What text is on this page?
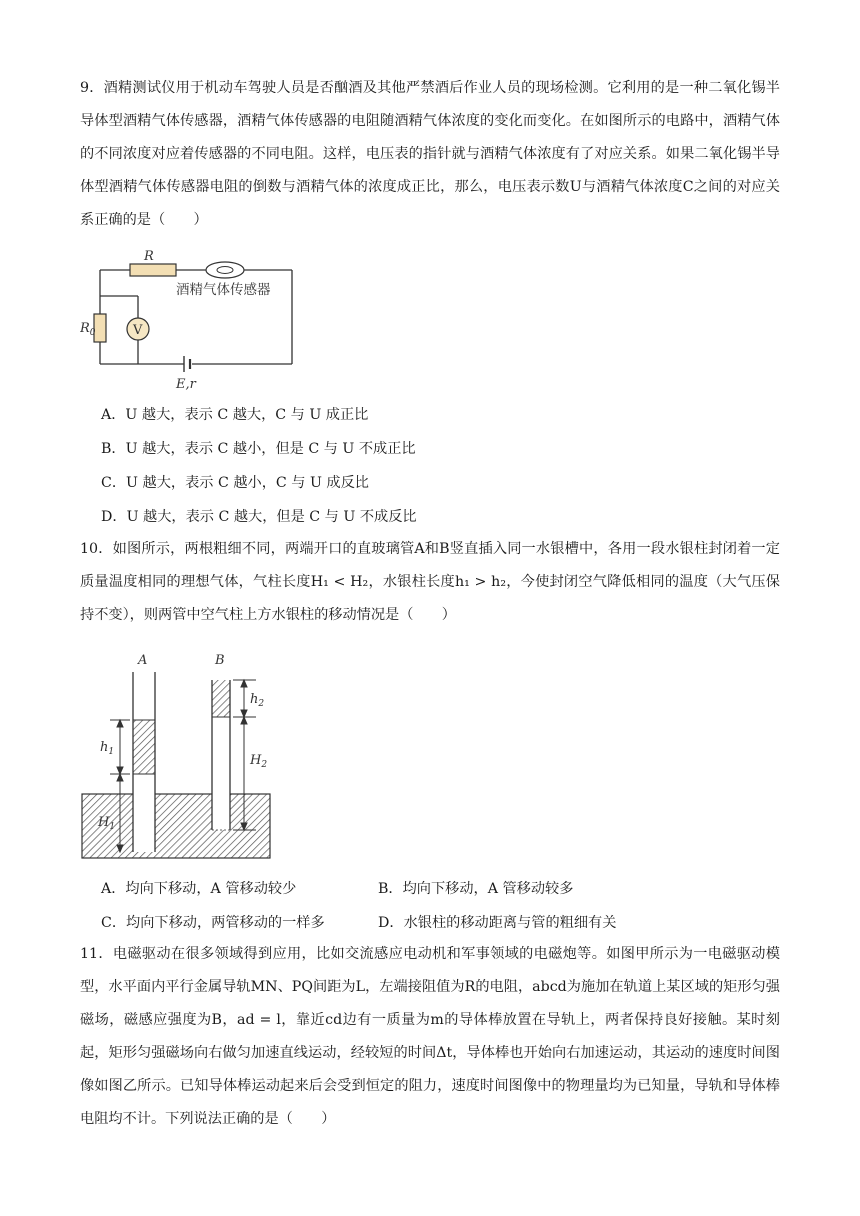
9．酒精测试仪用于机动车驾驶人员是否酗酒及其他严禁酒后作业人员的现场检测。它利用的是一种二氧化锡半导体型酒精气体传感器，酒精气体传感器的电阻随酒精气体浓度的变化而变化。在如图所示的电路中，酒精气体的不同浓度对应着传感器的不同电阻。这样，电压表的指针就与酒精气体浓度有了对应关系。如果二氧化锡半导体型酒精气体传感器电阻的倒数与酒精气体的浓度成正比，那么，电压表示数U与酒精气体浓度C之间的对应关系正确的是（　　）
R
酒精气体传感器
$R_0$	V
E,r
A．U 越大，表示 C 越大，C 与 U 成正比
B．U 越大，表示 C 越小，但是 C 与 U 不成正比
C．U 越大，表示 C 越小，C 与 U 成反比
D．U 越大，表示 C 越大，但是 C 与 U 不成反比
10．如图所示，两根粗细不同，两端开口的直玻璃管A和B竖直插入同一水银槽中，各用一段水银柱封闭着一定质量温度相同的理想气体，气柱长度H₁ < H₂，水银柱长度h₁ > h₂，今使封闭空气降低相同的温度（大气压保持不变），则两管中空气柱上方水银柱的移动情况是（　　）
A	B
$h_1$
$H_1$
$h_2$
$H_2$
A．均向下移动，A 管移动较少	B．均向下移动，A 管移动较多
C．均向下移动，两管移动的一样多	D．水银柱的移动距离与管的粗细有关
11．电磁驱动在很多领域得到应用，比如交流感应电动机和军事领域的电磁炮等。如图甲所示为一电磁驱动模型，水平面内平行金属导轨MN、PQ间距为L，左端接阻值为R的电阻，abcd为施加在轨道上某区域的矩形匀强磁场，磁感应强度为B，ad = l，靠近cd边有一质量为m的导体棒放置在导轨上，两者保持良好接触。某时刻起，矩形匀强磁场向右做匀加速直线运动，经较短的时间Δt，导体棒也开始向右加速运动，其运动的速度时间图像如图乙所示。已知导体棒运动起来后会受到恒定的阻力，速度时间图像中的物理量均为已知量，导轨和导体棒电阻均不计。下列说法正确的是（　　）
